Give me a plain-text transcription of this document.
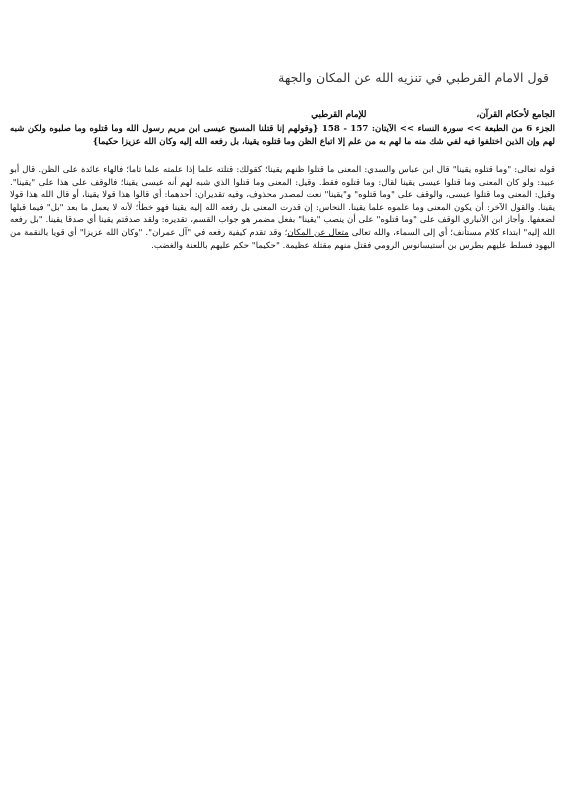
قول الامام القرطبي في تنزيه الله عن المكان والجهة
الجامع لأحكام القرآن،للإمام القرطبي
الجزء 6 من الطبعة >> سورة النساء >> الآيتان: 157 - 158 {وقولهم إنا قتلنا المسيح عيسى ابن مريم رسول الله وما قتلوه وما صلبوه ولكن شبه لهم وإن الذين اختلفوا فيه لفي شك منه ما لهم به من علم إلا اتباع الظن وما قتلوه يقينا، بل رفعه الله إليه وكان الله عزيزا حكيما}
قوله تعالى: "وما قتلوه يقينا" قال ابن عباس والسدي: المعنى ما قتلوا ظنهم يقينا؛ كقولك: قتلته علما إذا علمته علما تاما؛ فالهاء عائدة على الظن. قال أبو عبيد: ولو كان المعنى وما قتلوا عيسى يقينا لقال: وما قتلوه فقط. وقيل: المعنى وما قتلوا الذي شبه لهم أنه عيسى يقينا؛ فالوقف على هذا على "يقينا". وقيل: المعنى وما قتلوا عيسى، والوقف على "وما قتلوه" و"يقينا" نعت لمصدر محذوف، وفيه تقديران: أحدهما: أي قالوا هذا قولا يقينا، أو قال الله هذا قولا يقينا. والقول الآخر: أن يكون المعنى وما علموه علما يقينا. النحاس: إن قدرت المعنى بل رفعه الله إليه يقينا فهو خطأ؛ لأنه لا يعمل ما بعد "بل" فيما قبلها لضعفها. وأجاز ابن الأنباري الوقف على "وما قتلوه" على أن ينصب "يقينا" بفعل مضمر هو جواب القسم، تقديره: ولقد صدقتم يقينا أي صدقا يقينا. "بل رفعه الله إليه" ابتداء كلام مستأنف؛ أي إلى السماء، والله تعالى متعال عن المكان؛ وقد تقدم كيفية رفعه في "آل عمران". "وكان الله عزيزا" أي قويا بالنقمة من اليهود فسلط عليهم بطرس بن أستيسانوس الرومي فقتل منهم مقتلة عظيمة. "حكيما" حكم عليهم باللعنة والغضب.
